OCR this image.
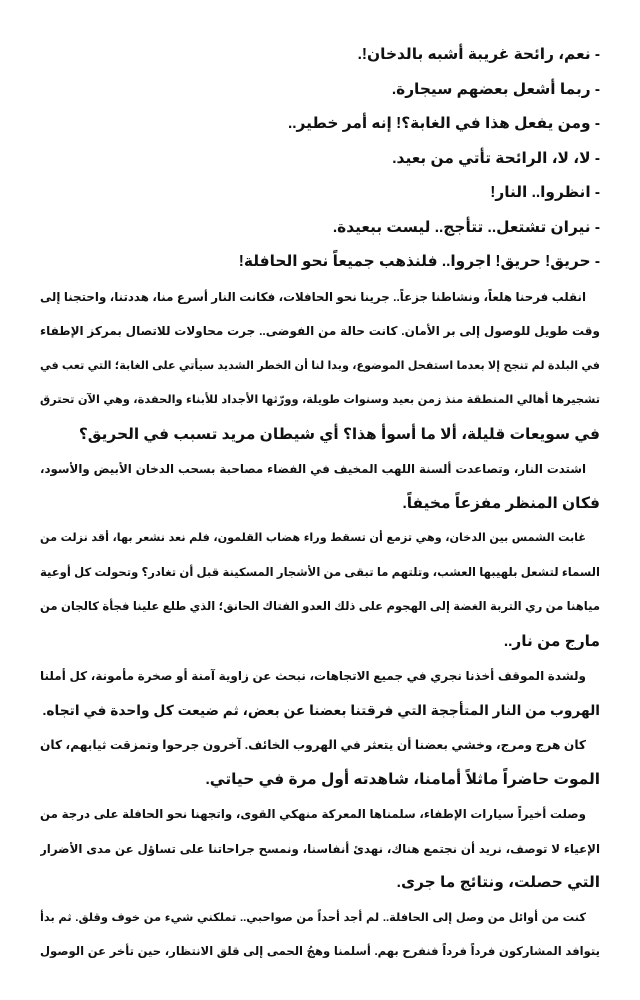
- نعم، رائحة غريبة أشبه بالدخان!.
- ربما أشعل بعضهم سيجارة.
- ومن يفعل هذا في الغابة؟! إنه أمر خطير..
- لا، لا، الرائحة تأتي من بعيد.
- انظروا.. النار!
- نيران تشتعل.. تتأجج.. ليست ببعيدة.
- حريق! حريق! اجروا.. فلنذهب جميعاً نحو الحافلة!
انقلب فرحنا هلعاً، ونشاطنا جزعاً.. جرينا نحو الحافلات، فكانت النار أسرع منا، هددتنا، واحتجنا إلى
وقت طويل للوصول إلى بر الأمان. كانت حالة من الفوضى.. جرت محاولات للاتصال بمركز الإطفاء
في البلدة لم تنجح إلا بعدما استفحل الموضوع، وبدا لنا أن الخطر الشديد سيأتي على الغابة؛ التي تعب في
تشجيرها أهالي المنطقة منذ زمن بعيد وسنوات طويلة، وورّثها الأجداد للأبناء والحفدة، وهي الآن تحترق
في سويعات قليلة، ألا ما أسوأ هذا؟ أي شيطان مريد تسبب في الحريق؟
اشتدت النار، وتصاعدت ألسنة اللهب المخيف في الفضاء مصاحبة بسحب الدخان الأبيض والأسود،
فكان المنظر مفزعاً مخيفاً.
غابت الشمس بين الدخان، وهي تزمع أن تسقط وراء هضاب القلمون، فلم نعد نشعر بها، أقد نزلت من
السماء لتشعل بلهيبها العشب، وتلتهم ما تبقى من الأشجار المسكينة قبل أن تغادر؟ وتحولت كل أوعية
مياهنا من ري التربة الغضة إلى الهجوم على ذلك العدو الفتاك الحانق؛ الذي طلع علينا فجأة كالجان من
مارج من نار..
ولشدة الموقف أخذنا نجري في جميع الاتجاهات، نبحث عن زاوية آمنة أو صخرة مأمونة، كل أملنا
الهروب من النار المتأججة التي فرقتنا بعضنا عن بعض، ثم ضيعت كل واحدة في اتجاه.
كان هرج ومرج، وخشي بعضنا أن يتعثر في الهروب الخائف. آخرون جرحوا وتمزقت ثيابهم، كان
الموت حاضراً ماثلاً أمامنا، شاهدته أول مرة في حياتي.
وصلت أخيراً سيارات الإطفاء، سلمناها المعركة منهكي القوى، واتجهنا نحو الحافلة على درجة من
الإعياء لا توصف، نريد أن نجتمع هناك، نهدئ أنفاسنا، ونمسح جراحاتنا على تساؤل عن مدى الأضرار
التي حصلت، ونتائج ما جرى.
كنت من أوائل من وصل إلى الحافلة.. لم أجد أحداً من صواحبي.. تملكني شيء من خوف وقلق. ثم بدأ
يتوافد المشاركون فرداً فرداً فنفرح بهم. أسلمنا وهجُ الحمى إلى قلق الانتظار، حين تأخر عن الوصول
